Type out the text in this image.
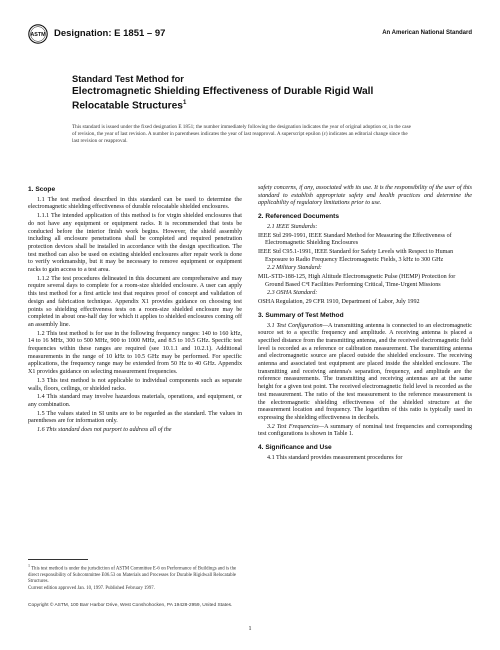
ASTM Designation: E 1851 – 97	An American National Standard

Standard Test Method for

Electromagnetic Shielding Effectiveness of Durable Rigid Wall Relocatable Structures$^1$

This standard is issued under the fixed designation E 1851; the number immediately following the designation indicates the year of original adoption or, in the case of revision, the year of last revision. A number in parentheses indicates the year of last reapproval. A superscript epsilon (ε) indicates an editorial change since the last revision or reapproval.

1. Scope

1.1 The test method described in this standard can be used to determine the electromagnetic shielding effectiveness of durable relocatable shielded enclosures.

1.1.1 The intended application of this method is for virgin shielded enclosures that do not have any equipment or equipment racks. It is recommended that tests be conducted before the interior finish work begins. However, the shield assembly including all enclosure penetrations shall be completed and required penetration protection devices shall be installed in accordance with the design specification. The test method can also be used on existing shielded enclosures after repair work is done to verify workmanship, but it may be necessary to remove equipment or equipment racks to gain access to a test area.

1.1.2 The test procedures delineated in this document are comprehensive and may require several days to complete for a room-size shielded enclosure. A user can apply this test method for a first article test that requires proof of concept and validation of design and fabrication technique. Appendix X1 provides guidance on choosing test points so shielding effectiveness tests on a room-size shielded enclosure may be completed in about one-half day for which it applies to shielded enclosures coming off an assembly line.

1.2 This test method is for use in the following frequency ranges: 140 to 160 kHz, 14 to 16 MHz, 300 to 500 MHz, 900 to 1000 MHz, and 8.5 to 10.5 GHz. Specific test frequencies within these ranges are required (see 10.1.1 and 10.2.1). Additional measurements in the range of 10 kHz to 10.5 GHz may be performed. For specific applications, the frequency range may be extended from 50 Hz to 40 GHz. Appendix X1 provides guidance on selecting measurement frequencies.

1.3 This test method is not applicable to individual components such as separate walls, floors, ceilings, or shielded racks.

1.4 This standard may involve hazardous materials, operations, and equipment, or any combination.

1.5 The values stated in SI units are to be regarded as the standard. The values in parentheses are for information only.

1.6 This standard does not purport to address all of the

safety concerns, if any, associated with its use. It is the responsibility of the user of this standard to establish appropriate safety and health practices and determine the applicability of regulatory limitations prior to use.

2. Referenced Documents

2.1 IEEE Standards:

IEEE Std 299-1991, IEEE Standard Method for Measuring the Effectiveness of Electromagnetic Shielding Enclosures

IEEE Std C95.1-1991, IEEE Standard for Safety Levels with Respect to Human Exposure to Radio Frequency Electromagnetic Fields, 3 kHz to 300 GHz

2.2 Military Standard:

MIL-STD-188-125, High Altitude Electromagnetic Pulse (HEMP) Protection for Ground Based C⁴I Facilities Performing Critical, Time-Urgent Missions

2.3 OSHA Standard:

OSHA Regulation, 29 CFR 1910, Department of Labor, July 1992

3. Summary of Test Method

3.1 Test Configuration—A transmitting antenna is connected to an electromagnetic source set to a specific frequency and amplitude. A receiving antenna is placed a specified distance from the transmitting antenna, and the received electromagnetic field level is recorded as a reference or calibration measurement. The transmitting antenna and electromagnetic source are placed outside the shielded enclosure. The receiving antenna and associated test equipment are placed inside the shielded enclosure. The transmitting and receiving antenna's separation, frequency, and amplitude are the reference measurements. The transmitting and receiving antennas are at the same height for a given test point. The received electromagnetic field level is recorded as the test measurement. The ratio of the test measurement to the reference measurement is the electromagnetic shielding effectiveness of the shielded structure at the measurement location and frequency. The logarithm of this ratio is typically used in expressing the shielding effectiveness in decibels.

3.2 Test Frequencies—A summary of nominal test frequencies and corresponding test configurations is shown in Table 1.

4. Significance and Use

4.1 This standard provides measurement procedures for

$^1$ This test method is under the jurisdiction of ASTM Committee E-6 on Performance of Buildings and is the direct responsibility of Subcommittee E06.53 on Materials and Processes for Durable Rigidwall Relocatable Structures.

Current edition approved Jan. 10, 1997. Published February 1997.

Copyright © ASTM, 100 Barr Harbor Drive, West Conshohocken, PA 19428-2959, United States.
1
